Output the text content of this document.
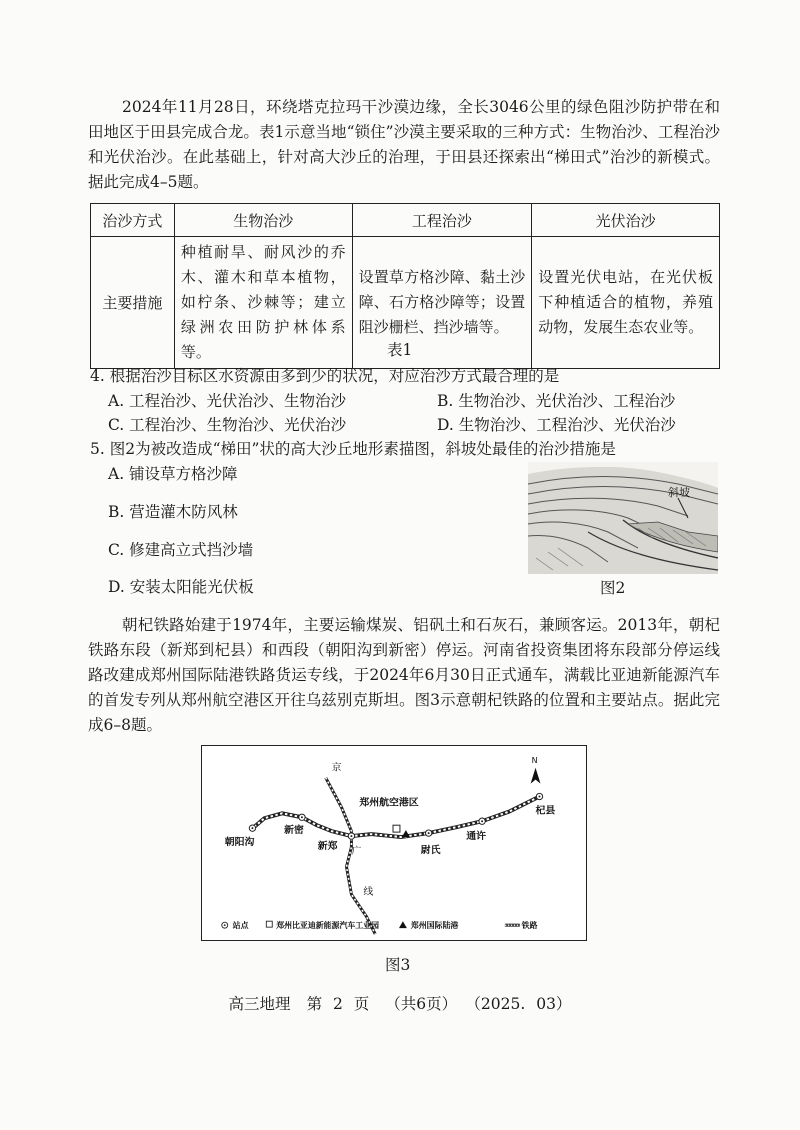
2024年11月28日，环绕塔克拉玛干沙漠边缘，全长3046公里的绿色阻沙防护带在和田地区于田县完成合龙。表1示意当地“锁住”沙漠主要采取的三种方式：生物治沙、工程治沙和光伏治沙。在此基础上，针对高大沙丘的治理，于田县还探索出“梯田式”治沙的新模式。据此完成4–5题。
治沙方式	生物治沙	工程治沙	光伏治沙
主要措施	种植耐旱、耐风沙的乔木、灌木和草本植物，如柠条、沙棘等；建立绿洲农田防护林体系等。	设置草方格沙障、黏土沙障、石方格沙障等；设置阻沙栅栏、挡沙墙等。	设置光伏电站，在光伏板下种植适合的植物，养殖动物，发展生态农业等。
表1
4. 根据治沙目标区水资源由多到少的状况，对应治沙方式最合理的是
A. 工程治沙、光伏治沙、生物治沙	B. 生物治沙、光伏治沙、工程治沙
C. 工程治沙、生物治沙、光伏治沙	D. 生物治沙、工程治沙、光伏治沙
5. 图2为被改造成“梯田”状的高大沙丘地形素描图，斜坡处最佳的治沙措施是
A. 铺设草方格沙障
B. 营造灌木防风林
C. 修建高立式挡沙墙
D. 安装太阳能光伏板
斜坡
图2
朝杞铁路始建于1974年，主要运输煤炭、铝矾土和石灰石，兼顾客运。2013年，朝杞铁路东段（新郑到杞县）和西段（朝阳沟到新密）停运。河南省投资集团将东段部分停运线路改建成郑州国际陆港铁路货运专线，于2024年6月30日正式通车，满载比亚迪新能源汽车的首发专列从郑州航空港区开往乌兹别克斯坦。图3示意朝杞铁路的位置和主要站点。据此完成6–8题。
N
京
广
线
郑州航空港区
朝阳沟
新密
新郑	尉氏
通许
杞县
站点	郑州比亚迪新能源汽车工业园	郑州国际陆港	铁路
图3
高三地理 第 2 页 （共6页） （2025. 03）
